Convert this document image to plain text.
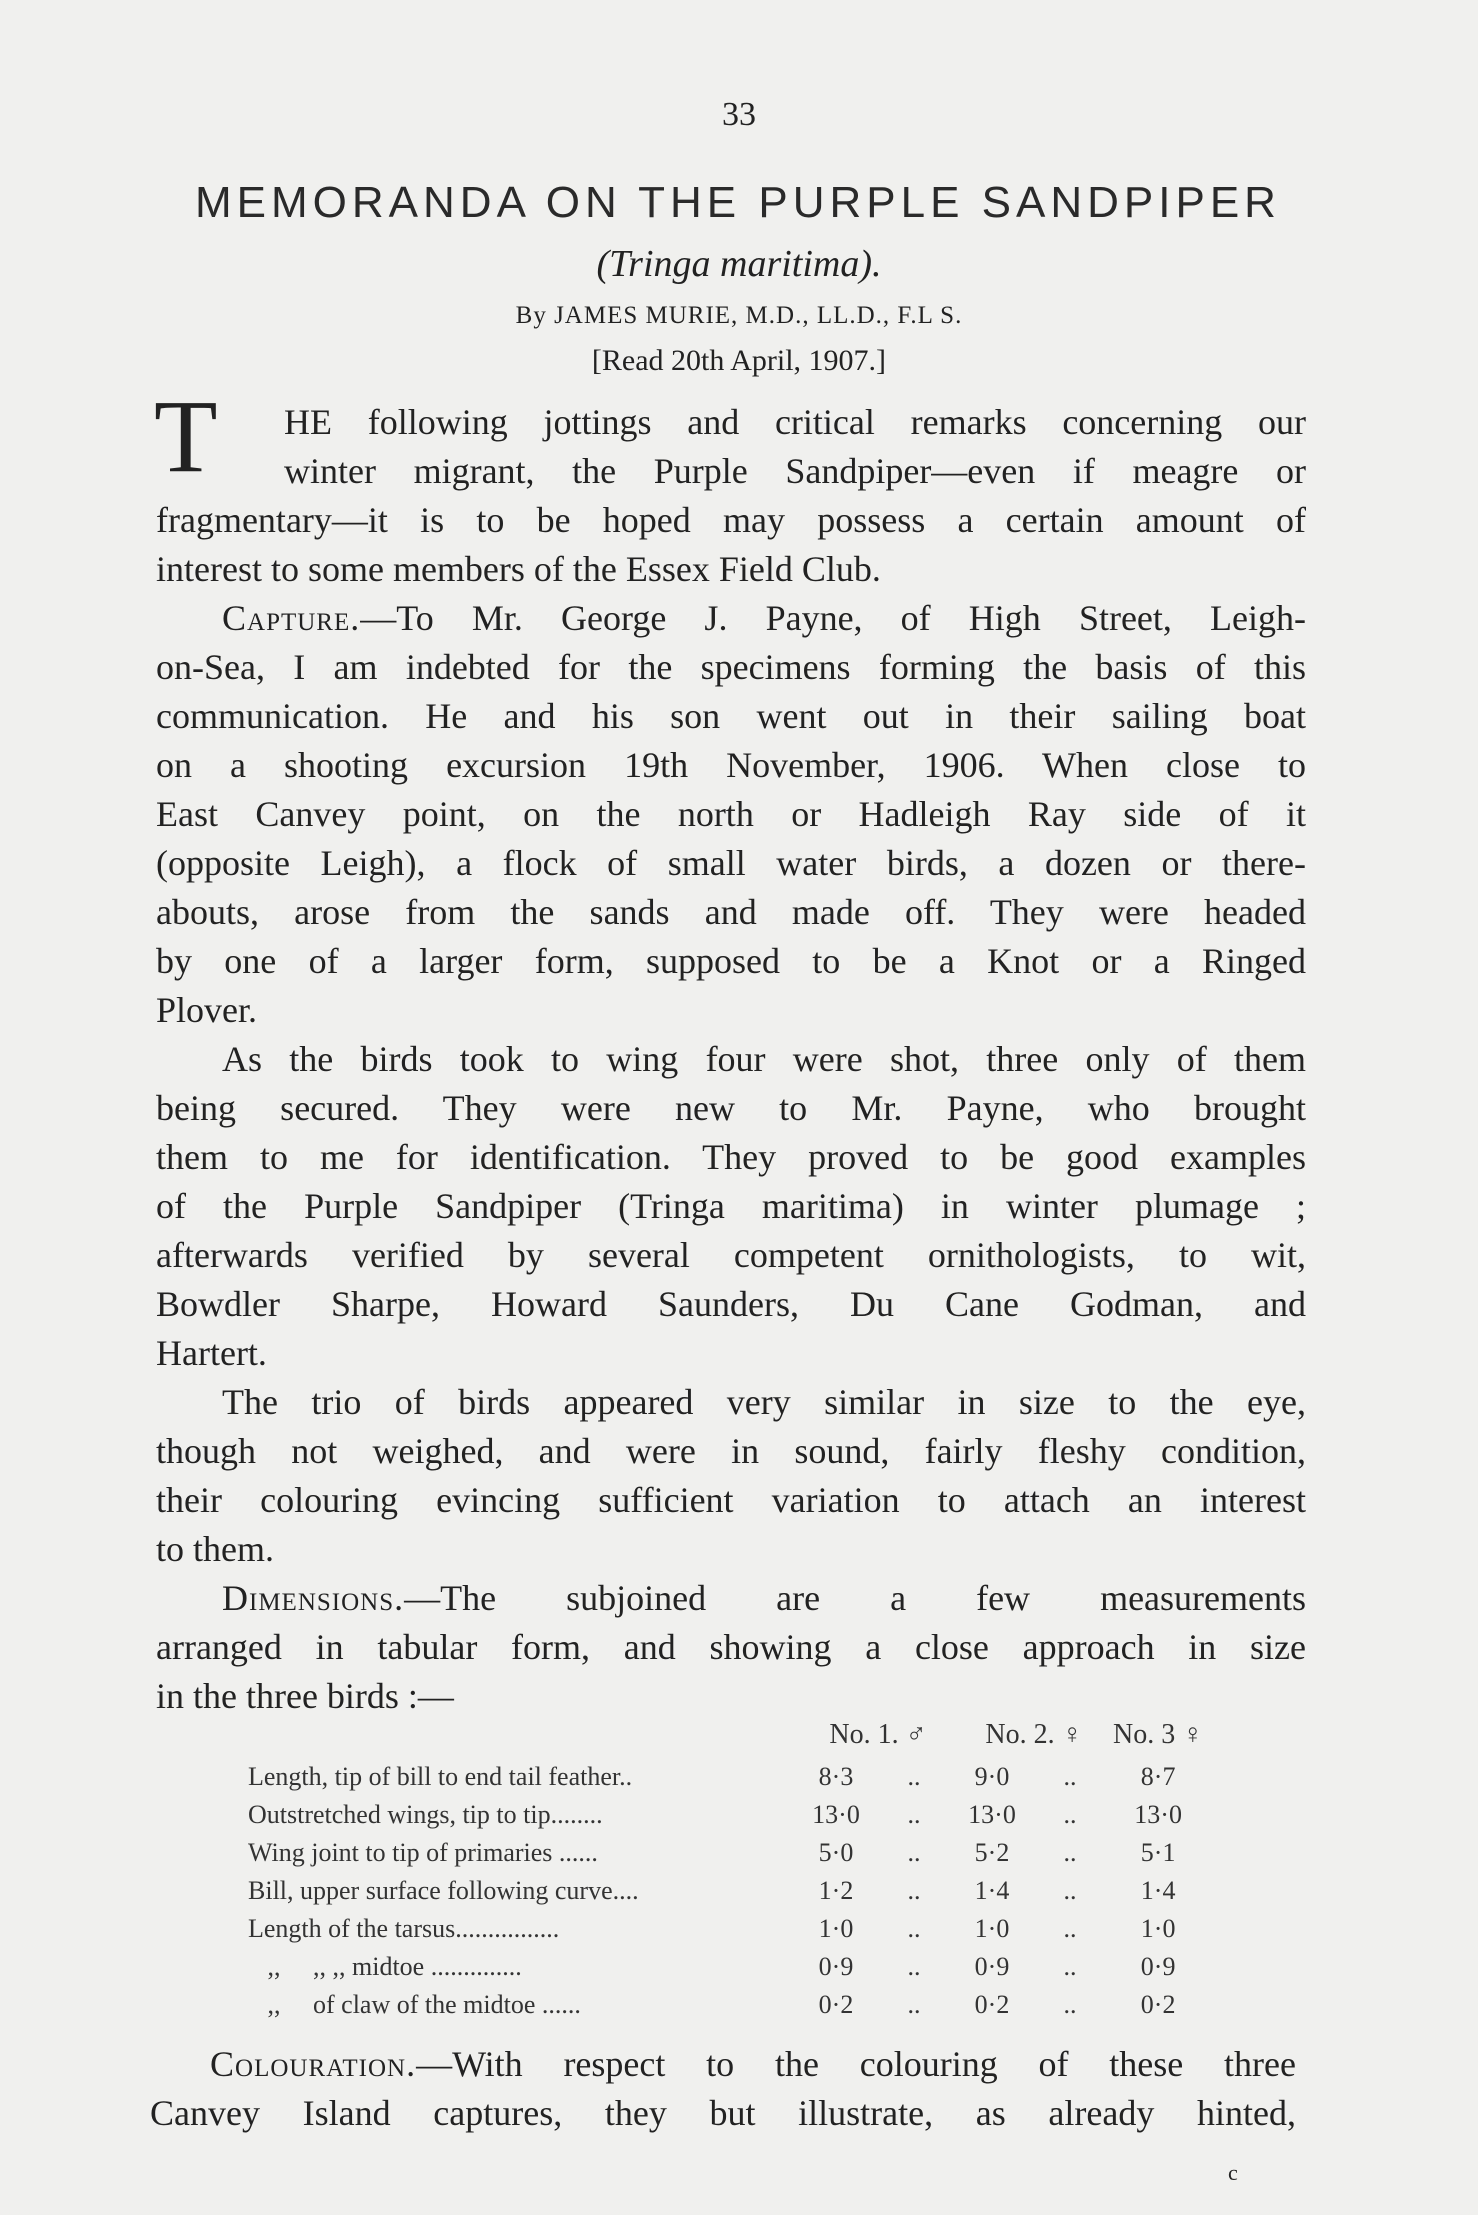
33
MEMORANDA ON THE PURPLE SANDPIPER
(Tringa maritima).
By JAMES MURIE, M.D., LL.D., F.L S.
[Read 20th April, 1907.]
T HE following jottings and critical remarks concerning our
winter migrant, the Purple Sandpiper—even if meagre or
fragmentary—it is to be hoped may possess a certain amount of
interest to some members of the Essex Field Club.
Capture.—To Mr. George J. Payne, of High Street, Leigh-
on-Sea, I am indebted for the specimens forming the basis of this
communication. He and his son went out in their sailing boat
on a shooting excursion 19th November, 1906. When close to
East Canvey point, on the north or Hadleigh Ray side of it
(opposite Leigh), a flock of small water birds, a dozen or there-
abouts, arose from the sands and made off. They were headed
by one of a larger form, supposed to be a Knot or a Ringed
Plover.
As the birds took to wing four were shot, three only of them
being secured. They were new to Mr. Payne, who brought
them to me for identification. They proved to be good examples
of the Purple Sandpiper (Tringa maritima) in winter plumage ;
afterwards verified by several competent ornithologists, to wit,
Bowdler Sharpe, Howard Saunders, Du Cane Godman, and
Hartert.
The trio of birds appeared very similar in size to the eye,
though not weighed, and were in sound, fairly fleshy condition,
their colouring evincing sufficient variation to attach an interest
to them.
Dimensions.—The subjoined are a few measurements
arranged in tabular form, and showing a close approach in size
in the three birds :—
	No. 1. ♂		No. 2. ♀		No. 3 ♀
Length, tip of bill to end tail feather..	8·3	..	9·0	..	8·7
Outstretched wings, tip to tip........	13·0	..	13·0	..	13·0
Wing joint to tip of primaries ......	5·0	..	5·2	..	5·1
Bill, upper surface following curve....	1·2	..	1·4	..	1·4
Length of the tarsus................	1·0	..	1·0	..	1·0
,,     ,, ,, midtoe ..............	0·9	..	0·9	..	0·9
,,     of claw of the midtoe ......	0·2	..	0·2	..	0·2
Colouration.—With respect to the colouring of these three
Canvey Island captures, they but illustrate, as already hinted,
c
